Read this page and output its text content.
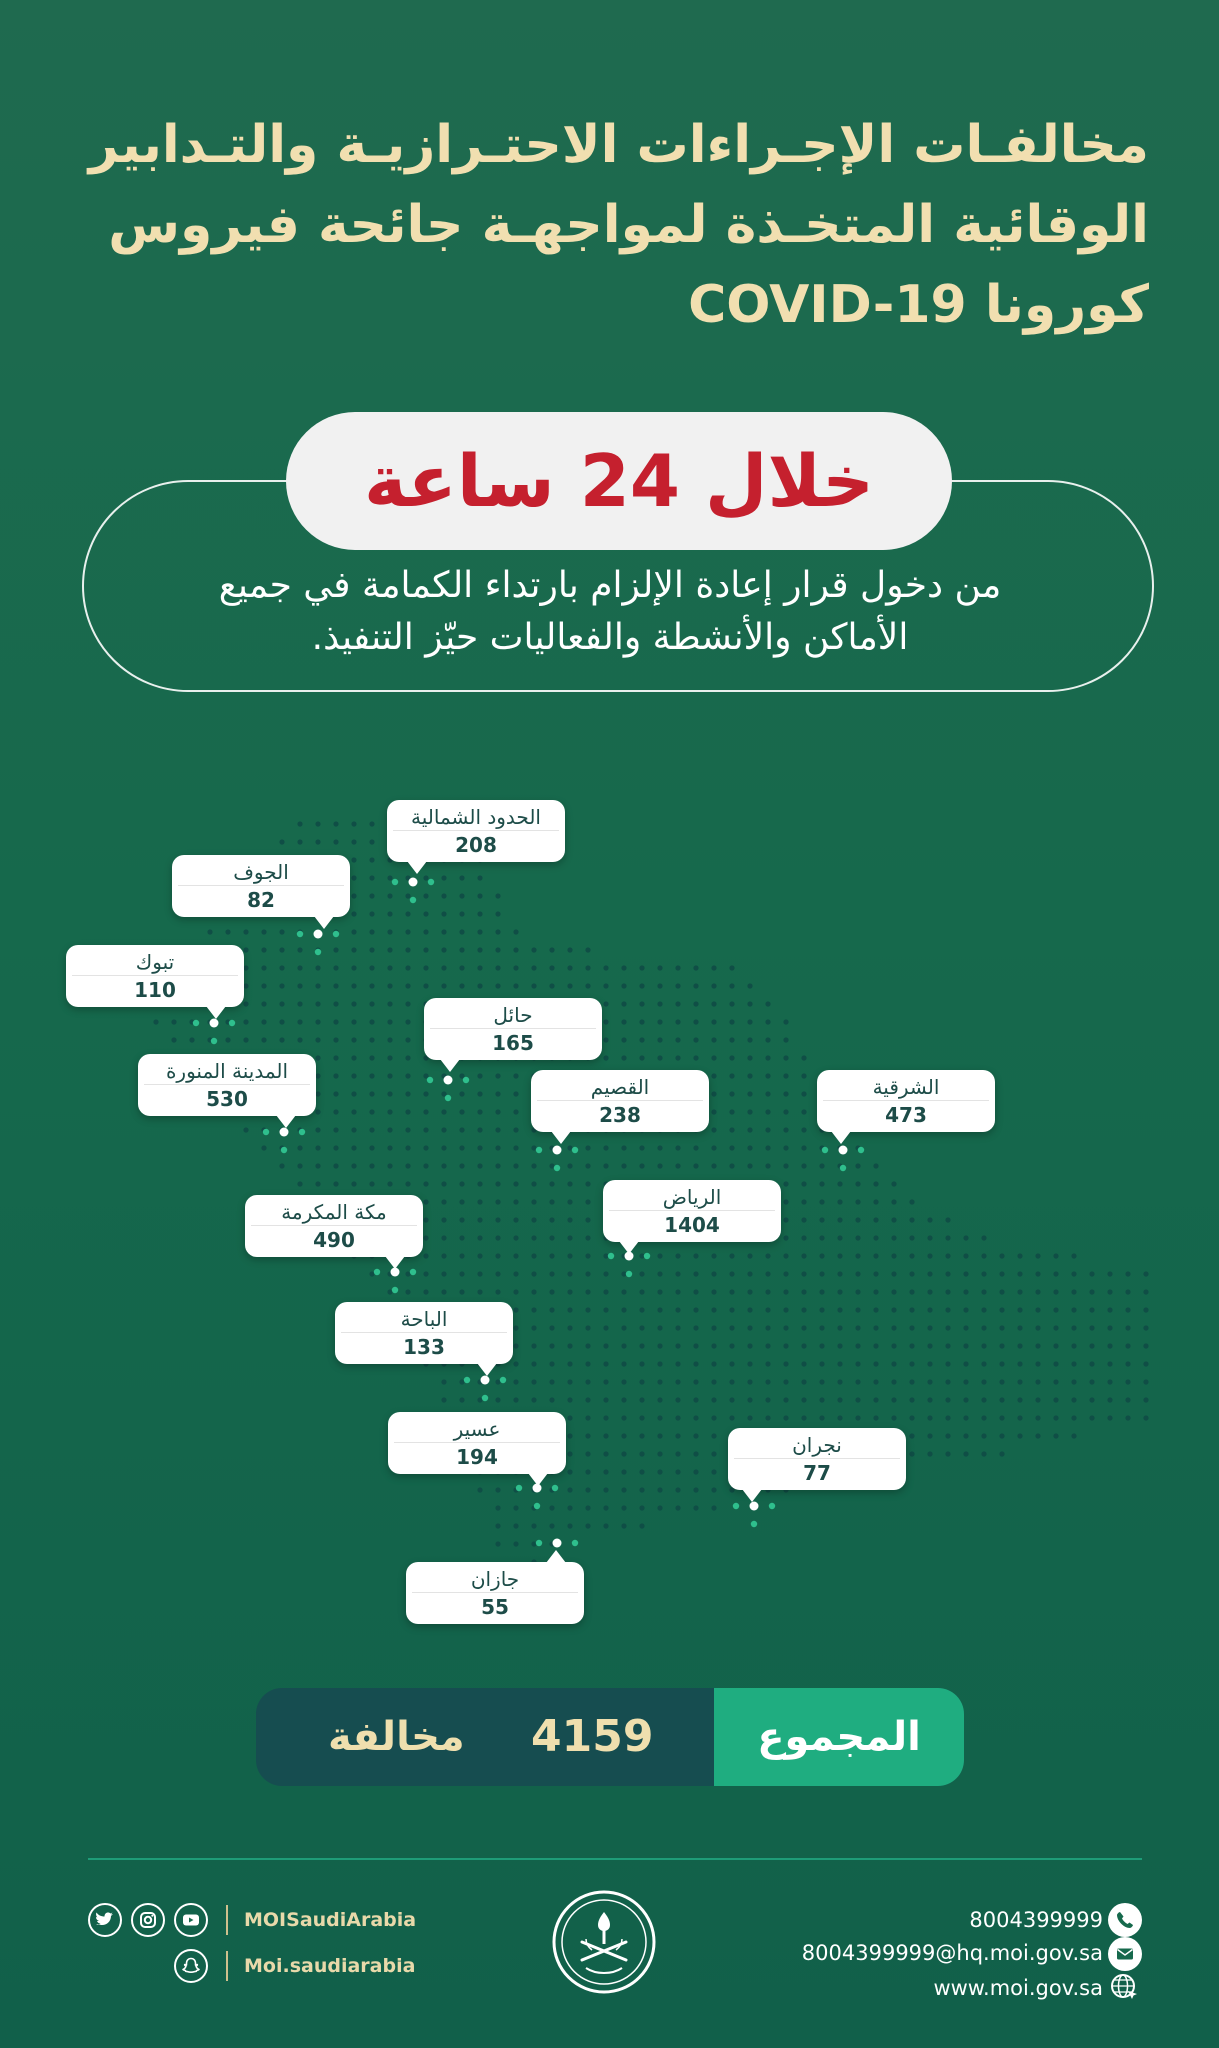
مخالفـات الإجـراءات الاحتـرازيـة والتـدابير
الوقائية المتخـذة لمواجهـة جائحة فيروس
كورونا COVID-19
خلال 24 ساعة
من دخول قرار إعادة الإلزام بارتداء الكمامة في جميع الأماكن والأنشطة والفعاليات حيّز التنفيذ.
الحدود الشمالية
208
الجوف
82
تبوك
110
حائل
165
المدينة المنورة
530	القصيم
238
الشرقية
473
الرياض
1404
مكة المكرمة
490
الباحة
133
عسير
194	نجران
77
جازان
55
المجموع
4159
مخالفة
MOISaudiArabia
Moi.saudiarabia
8004399999
8004399999@hq.moi.gov.sa
www.moi.gov.sa
